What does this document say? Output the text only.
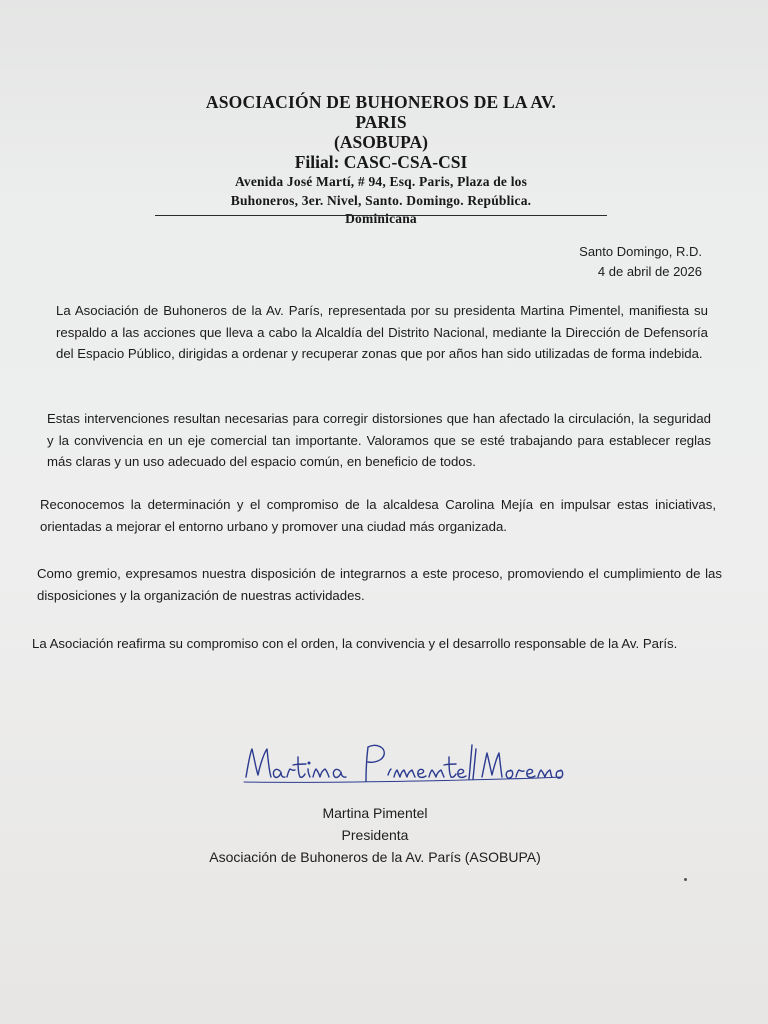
ASOCIACIÓN DE BUHONEROS DE LA AV.
PARIS
(ASOBUPA)
Filial: CASC-CSA-CSI
Avenida José Martí, # 94, Esq. Paris, Plaza de los
Buhoneros, 3er. Nivel, Santo. Domingo. República.
Dominicana
Santo Domingo, R.D.
4 de abril de 2026
La Asociación de Buhoneros de la Av. París, representada por su presidenta Martina Pimentel, manifiesta su respaldo a las acciones que lleva a cabo la Alcaldía del Distrito Nacional, mediante la Dirección de Defensoría del Espacio Público, dirigidas a ordenar y recuperar zonas que por años han sido utilizadas de forma indebida.
Estas intervenciones resultan necesarias para corregir distorsiones que han afectado la circulación, la seguridad y la convivencia en un eje comercial tan importante. Valoramos que se esté trabajando para establecer reglas más claras y un uso adecuado del espacio común, en beneficio de todos.
Reconocemos la determinación y el compromiso de la alcaldesa Carolina Mejía en impulsar estas iniciativas, orientadas a mejorar el entorno urbano y promover una ciudad más organizada.
Como gremio, expresamos nuestra disposición de integrarnos a este proceso, promoviendo el cumplimiento de las disposiciones y la organización de nuestras actividades.
La Asociación reafirma su compromiso con el orden, la convivencia y el desarrollo responsable de la Av. París.
Martina Pimentel
Presidenta
Asociación de Buhoneros de la Av. París (ASOBUPA)
